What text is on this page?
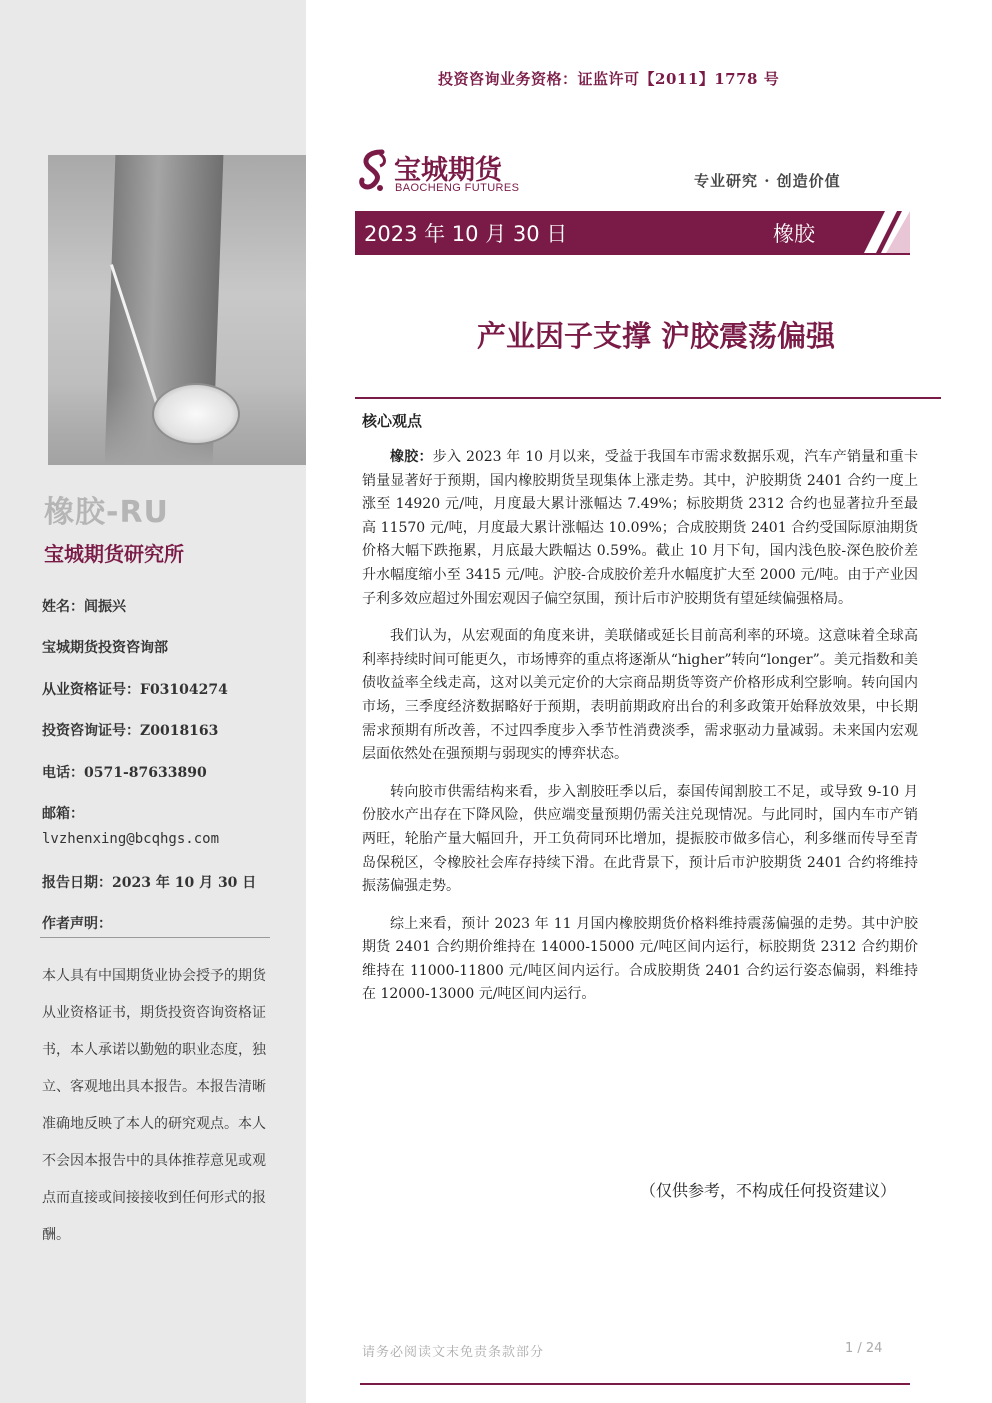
橡胶-RU
宝城期货研究所
姓名：闾振兴
宝城期货投资咨询部
从业资格证号：F03104274
投资咨询证号：Z0018163
电话：0571-87633890
邮箱：
lvzhenxing@bcqhgs.com
报告日期：2023 年 10 月 30 日
作者声明：
本人具有中国期货业协会授予的期货从业资格证书，期货投资咨询资格证书，本人承诺以勤勉的职业态度，独立、客观地出具本报告。本报告清晰准确地反映了本人的研究观点。本人不会因本报告中的具体推荐意见或观点而直接或间接接收到任何形式的报酬。
投资咨询业务资格：证监许可【2011】1778 号
宝城期货
BAOCHENG FUTURES	专业研究 · 创造价值
2023 年 10 月 30 日	橡胶
产业因子支撑 沪胶震荡偏强
核心观点

橡胶：步入 2023 年 10 月以来，受益于我国车市需求数据乐观，汽车产销量和重卡销量显著好于预期，国内橡胶期货呈现集体上涨走势。其中，沪胶期货 2401 合约一度上涨至 14920 元/吨，月度最大累计涨幅达 7.49%；标胶期货 2312 合约也显著拉升至最高 11570 元/吨，月度最大累计涨幅达 10.09%；合成胶期货 2401 合约受国际原油期货价格大幅下跌拖累，月底最大跌幅达 0.59%。截止 10 月下旬，国内浅色胶-深色胶价差升水幅度缩小至 3415 元/吨。沪胶-合成胶价差升水幅度扩大至 2000 元/吨。由于产业因子利多效应超过外围宏观因子偏空氛围，预计后市沪胶期货有望延续偏强格局。

我们认为，从宏观面的角度来讲，美联储或延长目前高利率的环境。这意味着全球高利率持续时间可能更久，市场博弈的重点将逐渐从“higher”转向“longer”。美元指数和美债收益率全线走高，这对以美元定价的大宗商品期货等资产价格形成利空影响。转向国内市场，三季度经济数据略好于预期，表明前期政府出台的利多政策开始释放效果，中长期需求预期有所改善，不过四季度步入季节性消费淡季，需求驱动力量减弱。未来国内宏观层面依然处在强预期与弱现实的博弈状态。

转向胶市供需结构来看，步入割胶旺季以后，泰国传闻割胶工不足，或导致 9-10 月份胶水产出存在下降风险，供应端变量预期仍需关注兑现情况。与此同时，国内车市产销两旺，轮胎产量大幅回升，开工负荷同环比增加，提振胶市做多信心，利多继而传导至青岛保税区，令橡胶社会库存持续下滑。在此背景下，预计后市沪胶期货 2401 合约将维持振荡偏强走势。

综上来看，预计 2023 年 11 月国内橡胶期货价格料维持震荡偏强的走势。其中沪胶期货 2401 合约期价维持在 14000-15000 元/吨区间内运行，标胶期货 2312 合约期价维持在 11000-11800 元/吨区间内运行。合成胶期货 2401 合约运行姿态偏弱，料维持在 12000-13000 元/吨区间内运行。

（仅供参考，不构成任何投资建议）
请务必阅读文末免责条款部分	1 / 24
